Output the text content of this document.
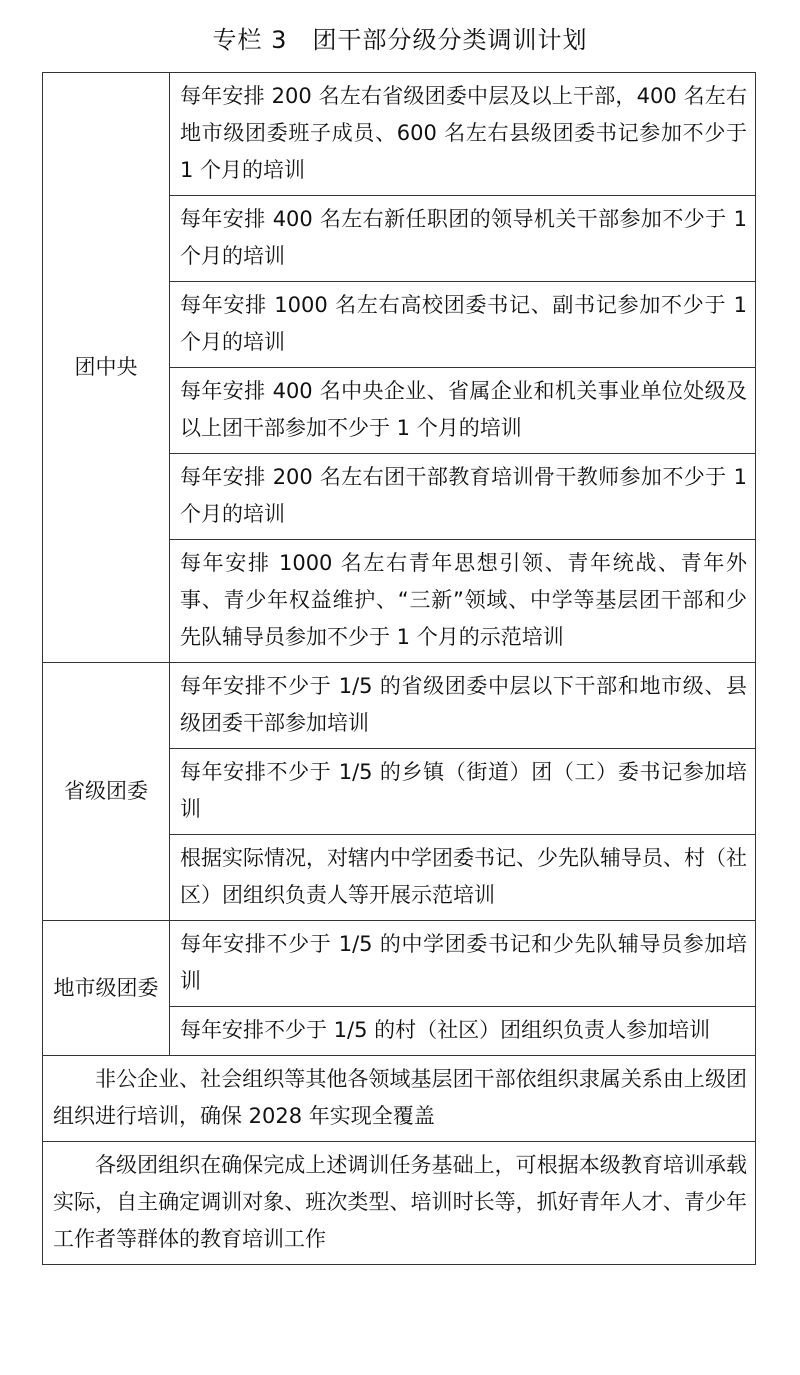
专栏 3　团干部分级分类调训计划
团中央	每年安排 200 名左右省级团委中层及以上干部，400 名左右地市级团委班子成员、600 名左右县级团委书记参加不少于 1 个月的培训
	每年安排 400 名左右新任职团的领导机关干部参加不少于 1 个月的培训
	每年安排 1000 名左右高校团委书记、副书记参加不少于 1 个月的培训
	每年安排 400 名中央企业、省属企业和机关事业单位处级及以上团干部参加不少于 1 个月的培训
	每年安排 200 名左右团干部教育培训骨干教师参加不少于 1 个月的培训
	每年安排 1000 名左右青年思想引领、青年统战、青年外事、青少年权益维护、“三新”领域、中学等基层团干部和少先队辅导员参加不少于 1 个月的示范培训
省级团委	每年安排不少于 1/5 的省级团委中层以下干部和地市级、县级团委干部参加培训
	每年安排不少于 1/5 的乡镇（街道）团（工）委书记参加培训
	根据实际情况，对辖内中学团委书记、少先队辅导员、村（社区）团组织负责人等开展示范培训
地市级团委	每年安排不少于 1/5 的中学团委书记和少先队辅导员参加培训
	每年安排不少于 1/5 的村（社区）团组织负责人参加培训
非公企业、社会组织等其他各领域基层团干部依组织隶属关系由上级团组织进行培训，确保 2028 年实现全覆盖	
各级团组织在确保完成上述调训任务基础上，可根据本级教育培训承载实际，自主确定调训对象、班次类型、培训时长等，抓好青年人才、青少年工作者等群体的教育培训工作	
